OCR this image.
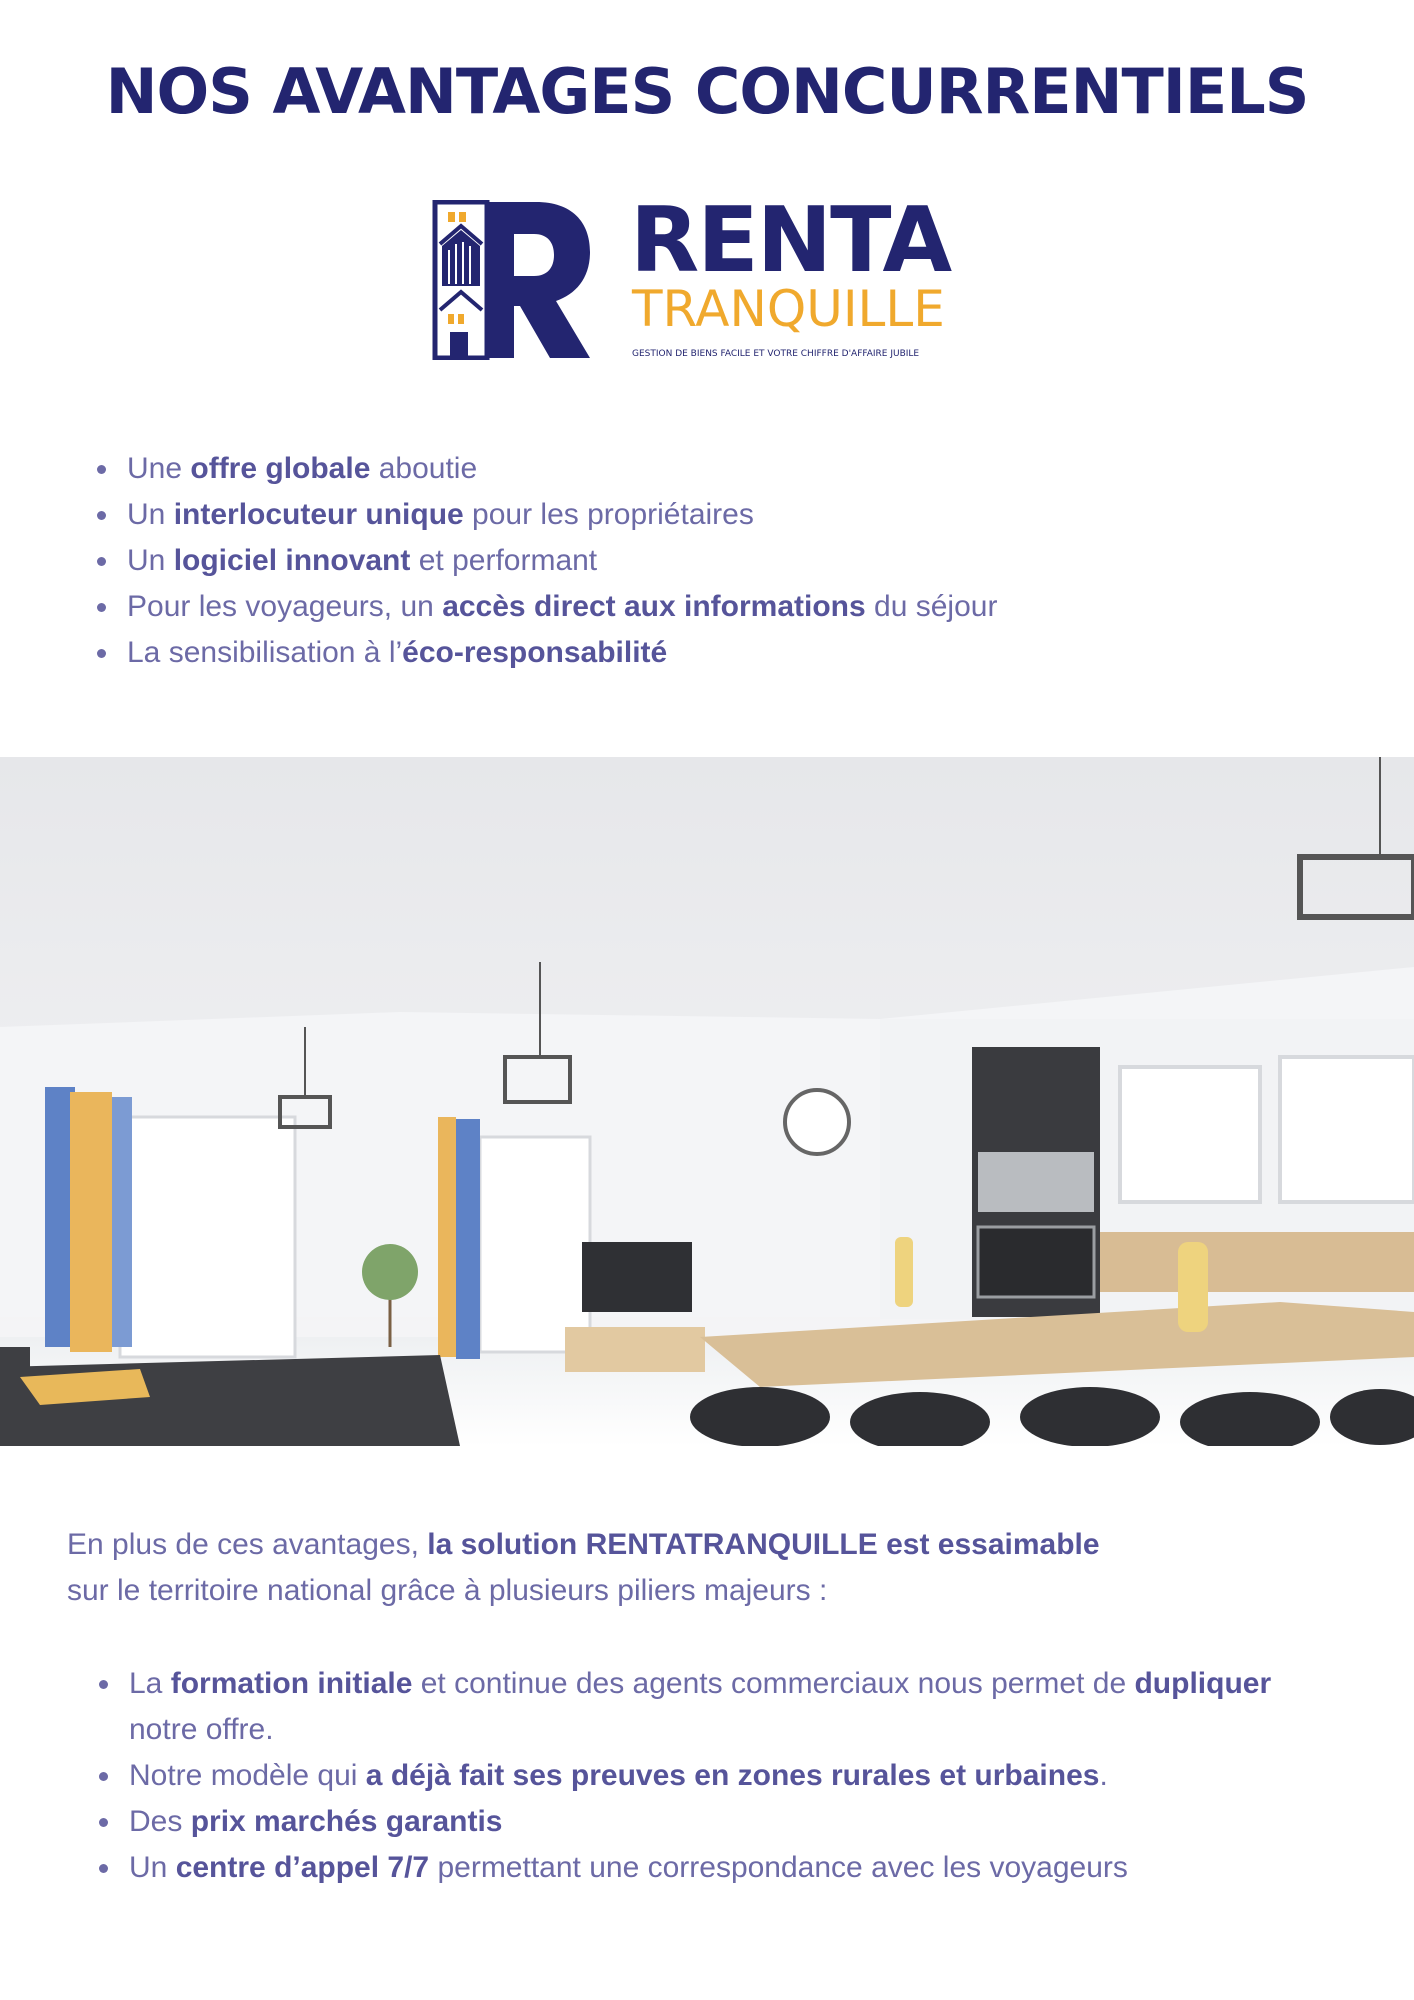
NOS AVANTAGES CONCURRENTIELS
RENTA
TRANQUILLE
GESTION DE BIENS FACILE ET VOTRE CHIFFRE D'AFFAIRE JUBILE
• Une offre globale aboutie
• Un interlocuteur unique pour les propriétaires
• Un logiciel innovant et performant
• Pour les voyageurs, un accès direct aux informations du séjour
• La sensibilisation à l’éco-responsabilité

En plus de ces avantages, la solution RENTATRANQUILLE est essaimable
sur le territoire national grâce à plusieurs piliers majeurs :

• La formation initiale et continue des agents commerciaux nous permet de dupliquer notre offre.
• Notre modèle qui a déjà fait ses preuves en zones rurales et urbaines.
• Des prix marchés garantis
• Un centre d’appel 7/7 permettant une correspondance avec les voyageurs
